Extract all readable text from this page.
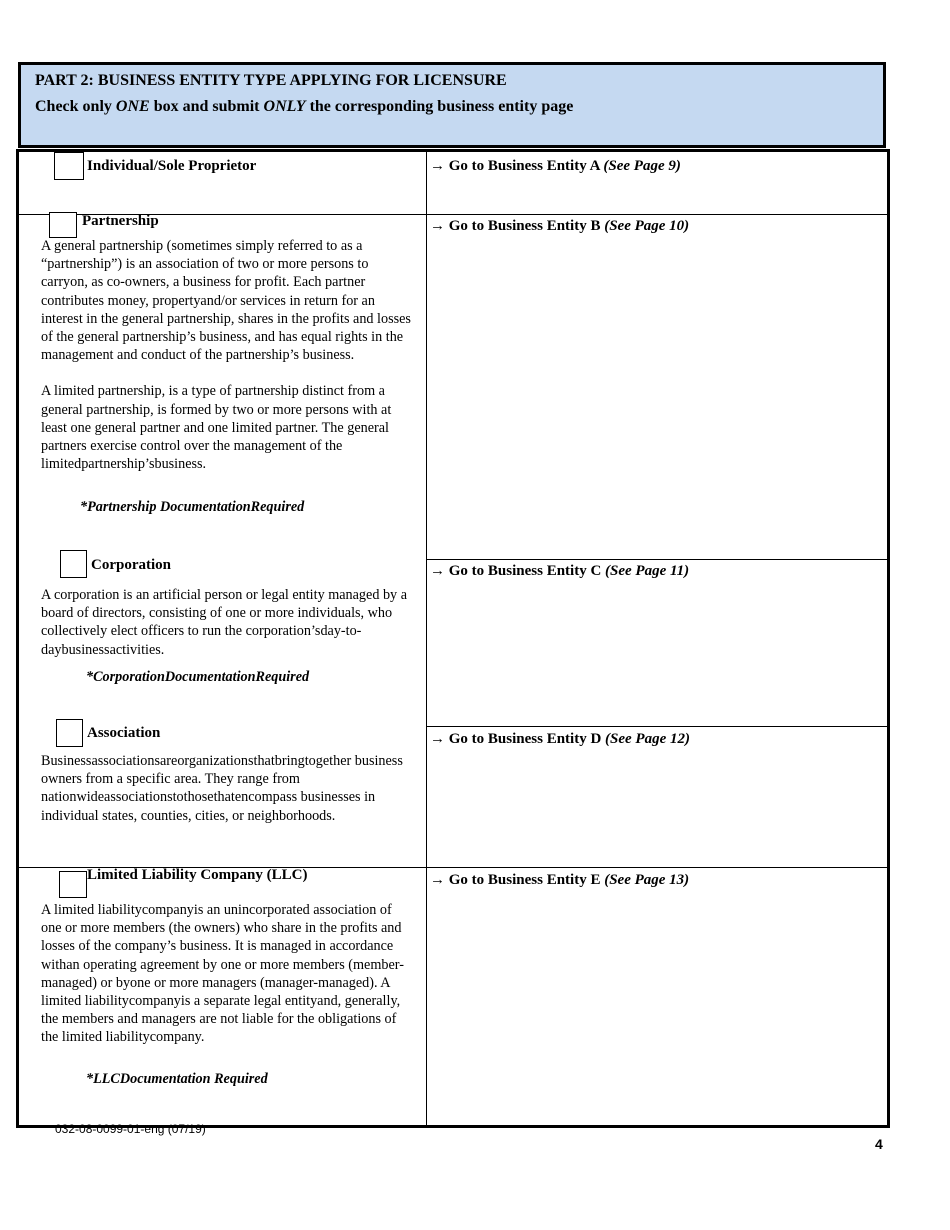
PART 2: BUSINESS ENTITY TYPE APPLYING FOR LICENSURE
Check only ONE box and submit ONLY the corresponding business entity page
Individual/Sole Proprietor	→ Go to Business Entity A (See Page 9)
Partnership

A general partnership (sometimes simply referred to as a “partnership”) is an association of two or more persons to carryon, as co-owners, a business for profit. Each partner contributes money, propertyand/or services in return for an interest in the general partnership, shares in the profits and losses of the general partnership’s business, and has equal rights in the management and conduct of the partnership’s business.

A limited partnership, is a type of partnership distinct from a general partnership, is formed by two or more persons with at least one general partner and one limited partner. The general partners exercise control over the management of the limitedpartnership’sbusiness.

*Partnership DocumentationRequired
→ Go to Business Entity B (See Page 10)
Corporation
A corporation is an artificial person or legal entity managed by a board of directors, consisting of one or more individuals, who collectively elect officers to run the corporation’sday-to-daybusinessactivities.
*CorporationDocumentationRequired
→ Go to Business Entity C (See Page 11)
Association
Businessassociationsareorganizationsthatbringtogether business owners from a specific area. They range from nationwideassociationstothosethatencompass businesses in individual states, counties, cities, or neighborhoods.
→ Go to Business Entity D (See Page 12)
Limited Liability Company (LLC)
A limited liabilitycompanyis an unincorporated association of one or more members (the owners) who share in the profits and losses of the company’s business. It is managed in accordance withan operating agreement by one or more members (member-managed) or byone or more managers (manager-managed). A limited liabilitycompanyis a separate legal entityand, generally, the members and managers are not liable for the obligations of the limited liabilitycompany.
*LLCDocumentation Required
→ Go to Business Entity E (See Page 13)
032-08-0099-01-eng (07/19)
4
